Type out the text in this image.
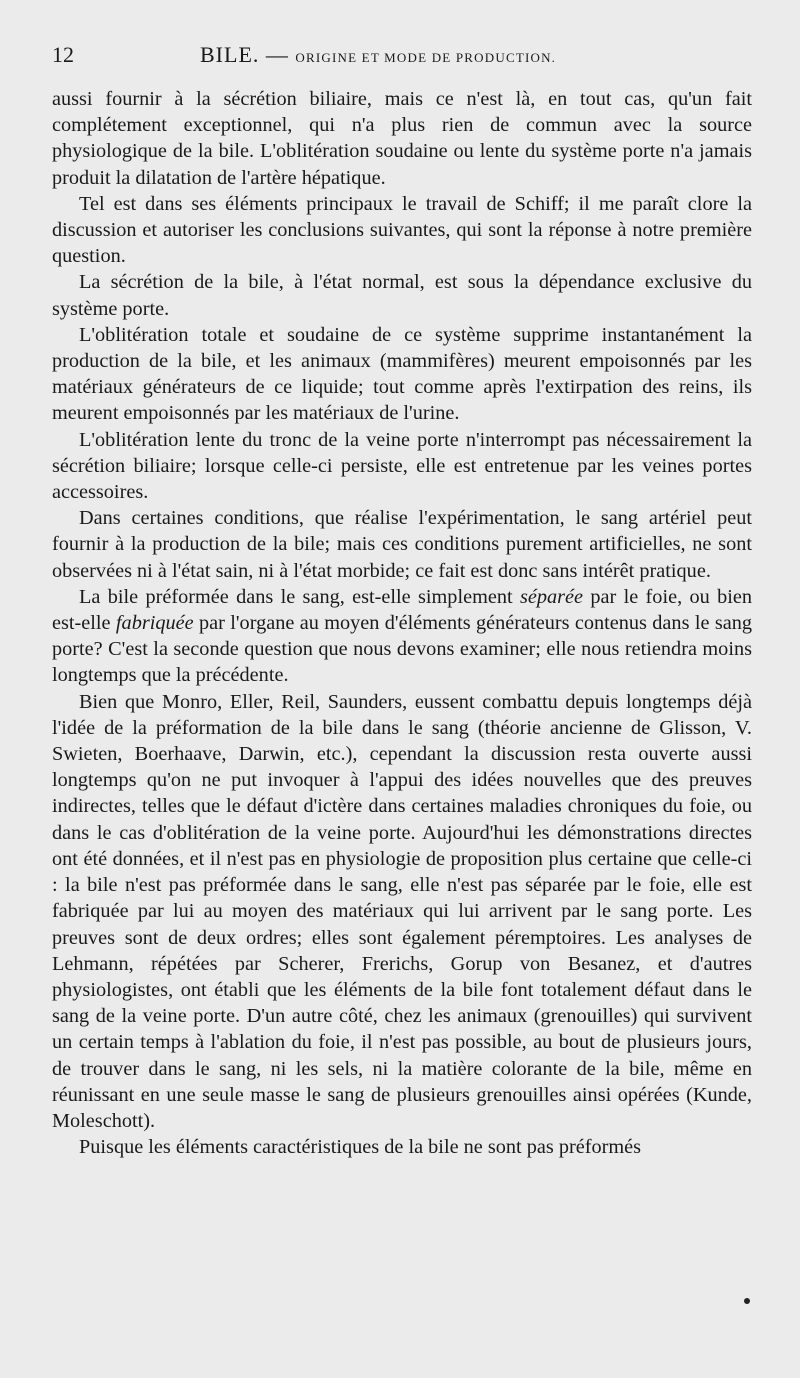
12	BILE. — ORIGINE ET MODE DE PRODUCTION.

aussi fournir à la sécrétion biliaire, mais ce n'est là, en tout cas, qu'un fait complétement exceptionnel, qui n'a plus rien de commun avec la source physiologique de la bile. L'oblitération soudaine ou lente du système porte n'a jamais produit la dilatation de l'artère hépatique.

Tel est dans ses éléments principaux le travail de Schiff; il me paraît clore la discussion et autoriser les conclusions suivantes, qui sont la réponse à notre première question.

La sécrétion de la bile, à l'état normal, est sous la dépendance exclusive du système porte.

L'oblitération totale et soudaine de ce système supprime instantanément la production de la bile, et les animaux (mammifères) meurent empoisonnés par les matériaux générateurs de ce liquide; tout comme après l'extirpation des reins, ils meurent empoisonnés par les matériaux de l'urine.

L'oblitération lente du tronc de la veine porte n'interrompt pas nécessairement la sécrétion biliaire; lorsque celle-ci persiste, elle est entretenue par les veines portes accessoires.

Dans certaines conditions, que réalise l'expérimentation, le sang artériel peut fournir à la production de la bile; mais ces conditions purement artificielles, ne sont observées ni à l'état sain, ni à l'état morbide; ce fait est donc sans intérêt pratique.

La bile préformée dans le sang, est-elle simplement séparée par le foie, ou bien est-elle fabriquée par l'organe au moyen d'éléments générateurs contenus dans le sang porte? C'est la seconde question que nous devons examiner; elle nous retiendra moins longtemps que la précédente.

Bien que Monro, Eller, Reil, Saunders, eussent combattu depuis longtemps déjà l'idée de la préformation de la bile dans le sang (théorie ancienne de Glisson, V. Swieten, Boerhaave, Darwin, etc.), cependant la discussion resta ouverte aussi longtemps qu'on ne put invoquer à l'appui des idées nouvelles que des preuves indirectes, telles que le défaut d'ictère dans certaines maladies chroniques du foie, ou dans le cas d'oblitération de la veine porte. Aujourd'hui les démonstrations directes ont été données, et il n'est pas en physiologie de proposition plus certaine que celle-ci : la bile n'est pas préformée dans le sang, elle n'est pas séparée par le foie, elle est fabriquée par lui au moyen des matériaux qui lui arrivent par le sang porte. Les preuves sont de deux ordres; elles sont également péremptoires. Les analyses de Lehmann, répétées par Scherer, Frerichs, Gorup von Besanez, et d'autres physiologistes, ont établi que les éléments de la bile font totalement défaut dans le sang de la veine porte. D'un autre côté, chez les animaux (grenouilles) qui survivent un certain temps à l'ablation du foie, il n'est pas possible, au bout de plusieurs jours, de trouver dans le sang, ni les sels, ni la matière colorante de la bile, même en réunissant en une seule masse le sang de plusieurs grenouilles ainsi opérées (Kunde, Moleschott).

Puisque les éléments caractéristiques de la bile ne sont pas préformés
